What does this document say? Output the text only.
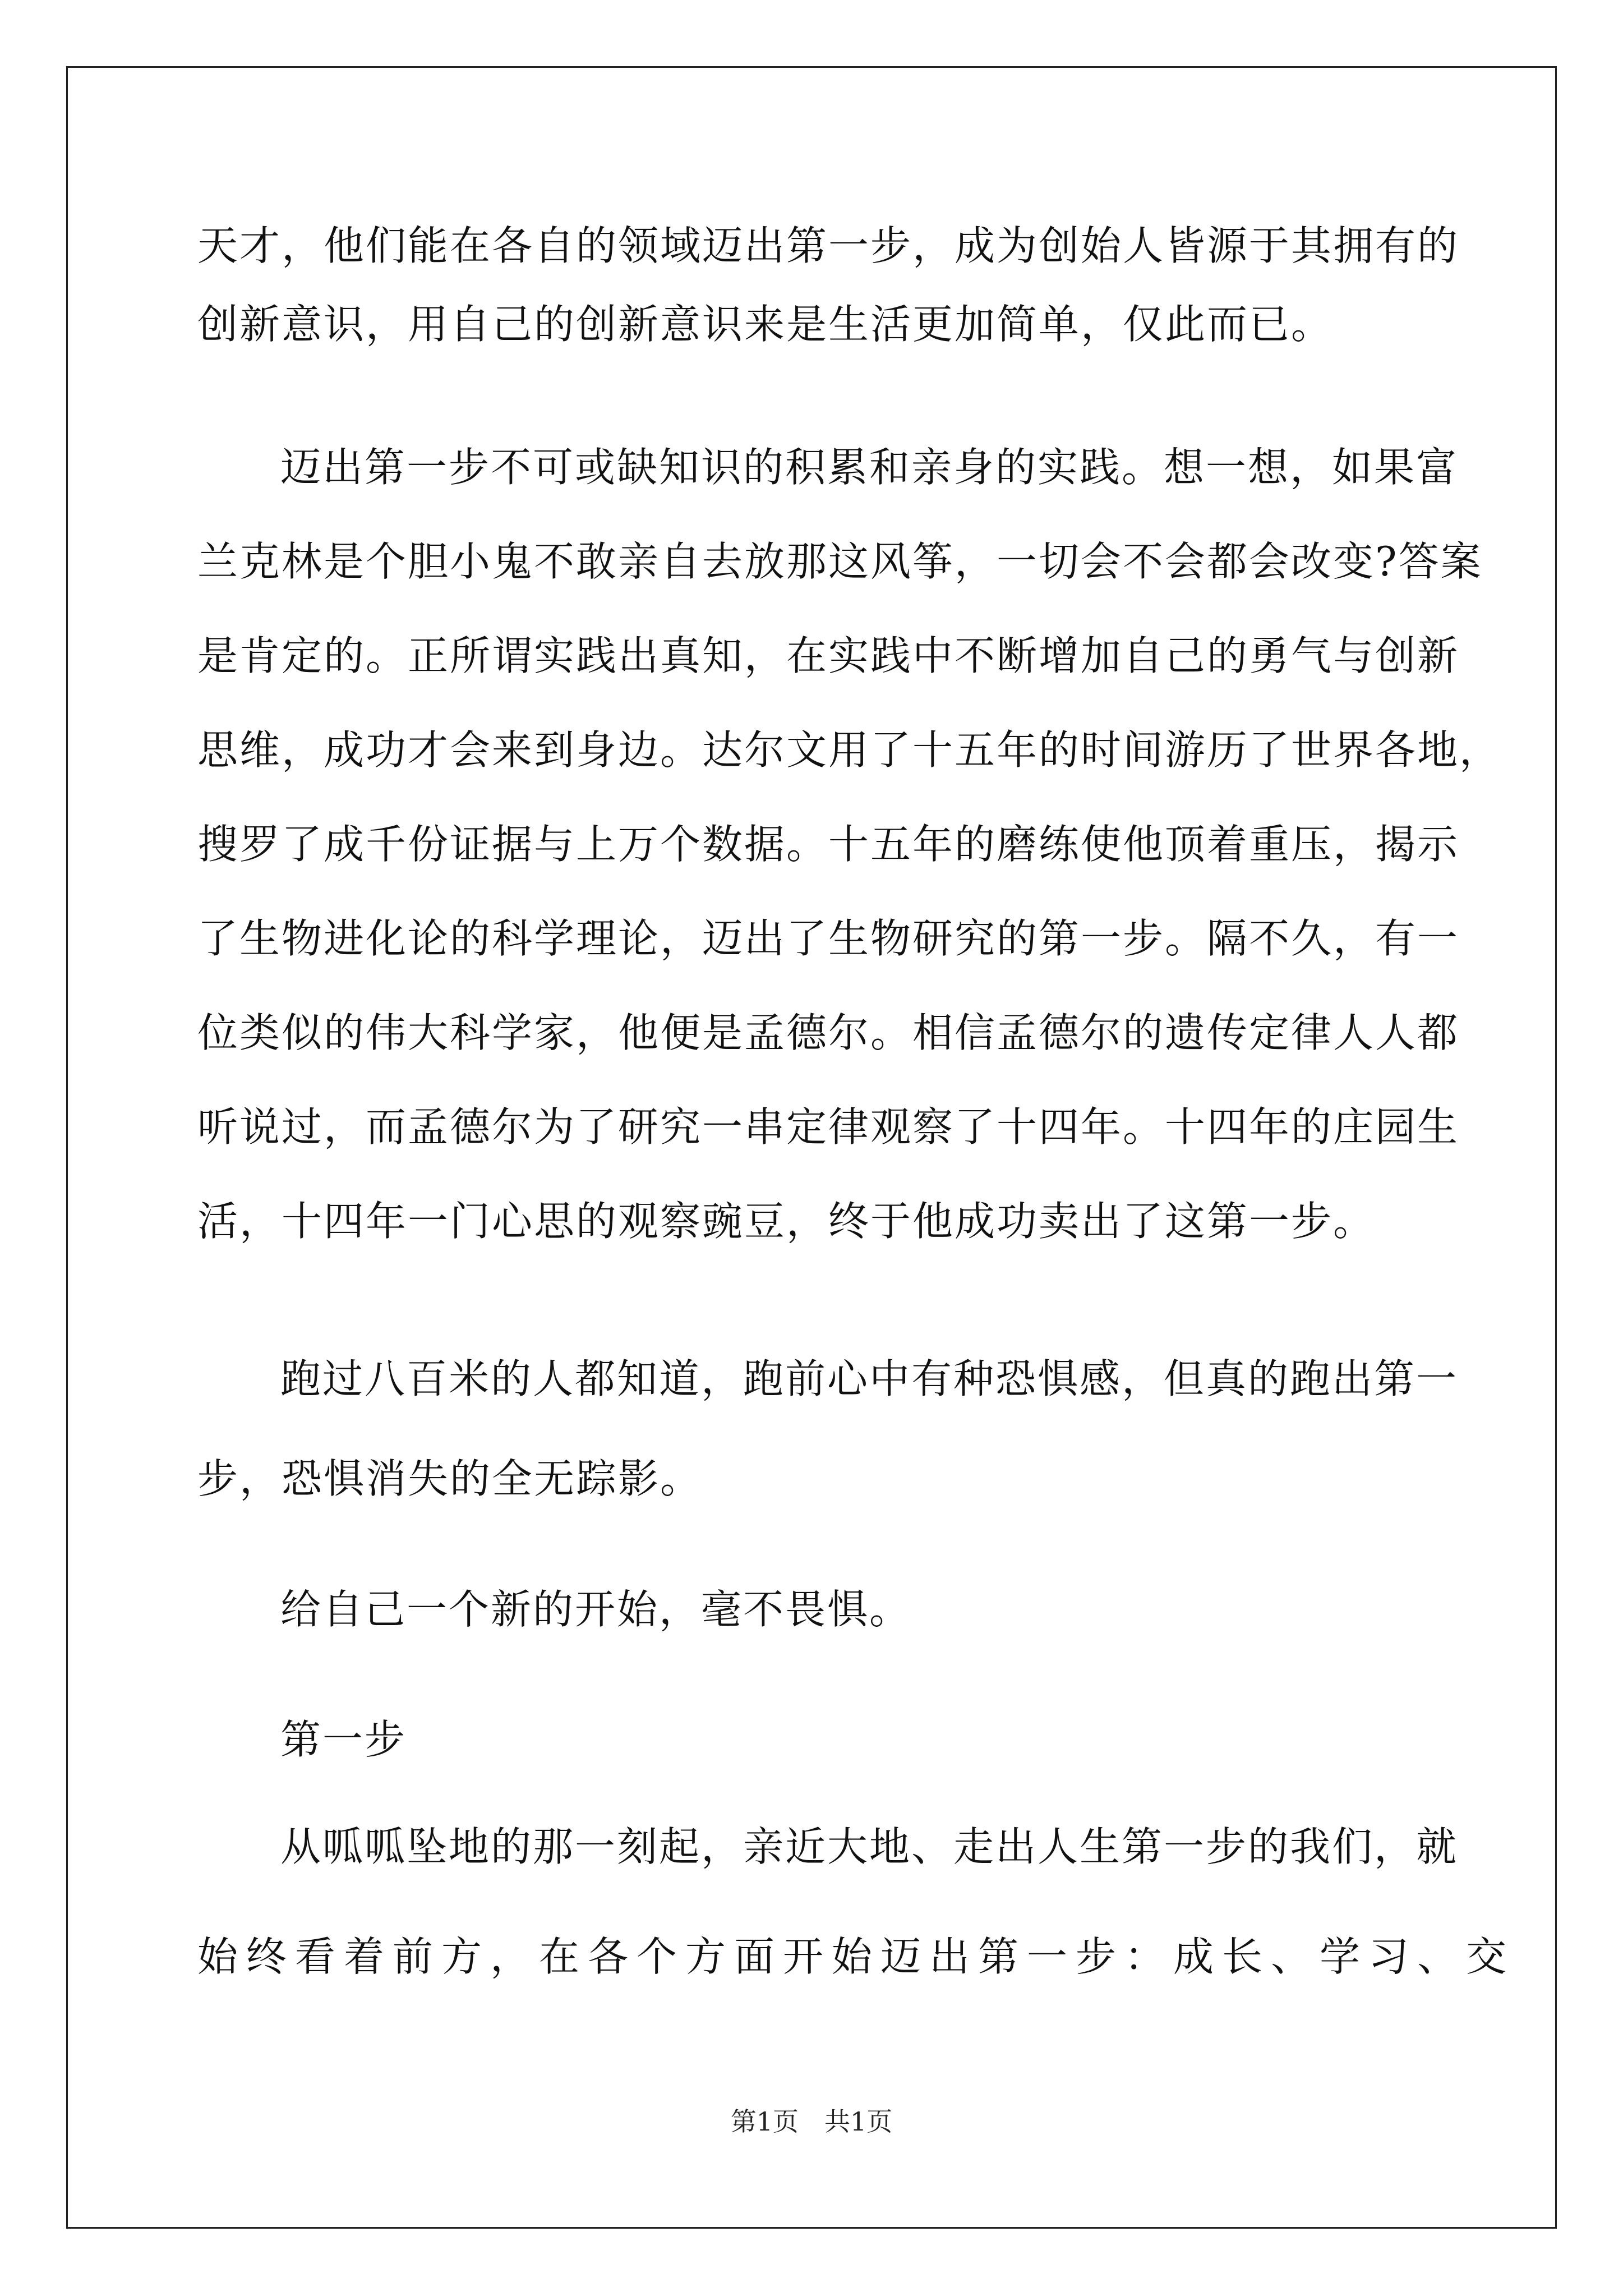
天才，他们能在各自的领域迈出第一步，成为创始人皆源于其拥有的
创新意识，用自己的创新意识来是生活更加简单，仅此而已。
迈出第一步不可或缺知识的积累和亲身的实践。想一想，如果富
兰克林是个胆小鬼不敢亲自去放那这风筝，一切会不会都会改变?答案
是肯定的。正所谓实践出真知，在实践中不断增加自己的勇气与创新
思维，成功才会来到身边。达尔文用了十五年的时间游历了世界各地，
搜罗了成千份证据与上万个数据。十五年的磨练使他顶着重压，揭示
了生物进化论的科学理论，迈出了生物研究的第一步。隔不久，有一
位类似的伟大科学家，他便是孟德尔。相信孟德尔的遗传定律人人都
听说过，而孟德尔为了研究一串定律观察了十四年。十四年的庄园生
活，十四年一门心思的观察豌豆，终于他成功卖出了这第一步。
跑过八百米的人都知道，跑前心中有种恐惧感，但真的跑出第一
步，恐惧消失的全无踪影。
给自己一个新的开始，毫不畏惧。
第一步
从呱呱坠地的那一刻起，亲近大地、走出人生第一步的我们，就
始终看着前方，在各个方面开始迈出第一步：成长、学习、交
第1页　共1页
